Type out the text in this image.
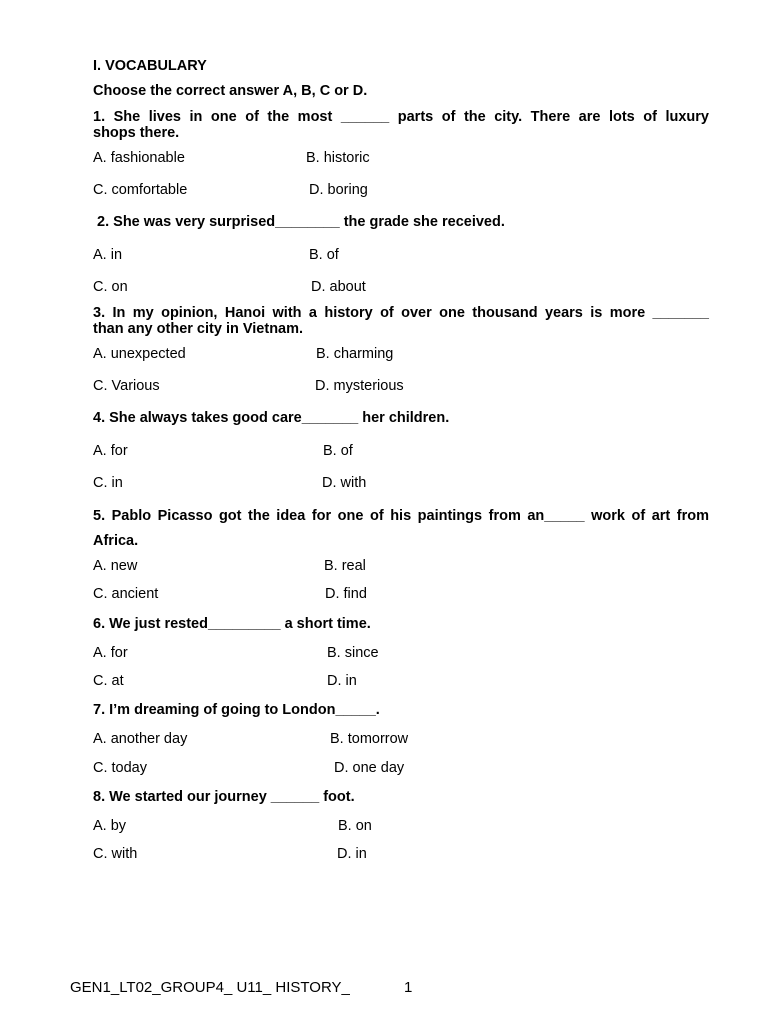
I. VOCABULARY
Choose the correct answer A, B, C or D.
1. She lives in one of the most ______ parts of the city. There are lots of luxury
shops there.
A. fashionable	B. historic
C. comfortable	D. boring
2. She was very surprised________ the grade she received.
A. in	B. of
C. on	D. about
3. In my opinion, Hanoi with a history of over one thousand years is more _______
than any other city in Vietnam.
A. unexpected	B. charming
C. Various	D. mysterious
4. She always takes good care_______ her children.
A. for	B. of
C. in	D. with
5. Pablo Picasso got the idea for one of his paintings from an_____ work of art from
Africa.
A. new	B. real
C. ancient	D. find
6. We just rested_________ a short time.
A. for	B. since
C. at	D. in
7. I’m dreaming of going to London_____.
A. another day	B. tomorrow
C. today	D. one day
8. We started our journey ______ foot.
A. by	B. on
C. with	D. in
GEN1_LT02_GROUP4_ U11_ HISTORY_	1
